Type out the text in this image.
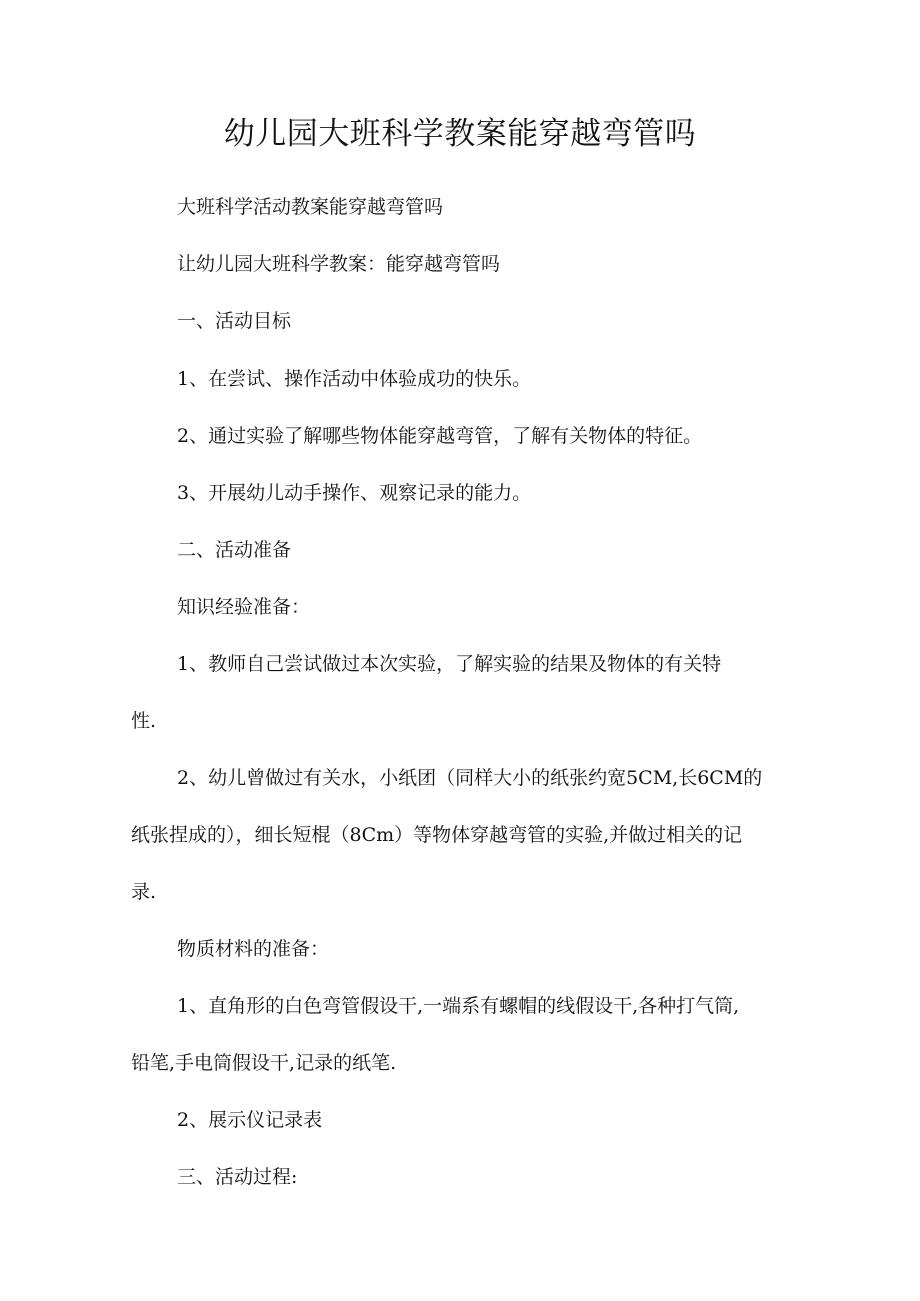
幼儿园大班科学教案能穿越弯管吗
大班科学活动教案能穿越弯管吗
让幼儿园大班科学教案：能穿越弯管吗
一、活动目标
1、在尝试、操作活动中体验成功的快乐。
2、通过实验了解哪些物体能穿越弯管，了解有关物体的特征。
3、开展幼儿动手操作、观察记录的能力。
二、活动准备
知识经验准备：
1、教师自己尝试做过本次实验，了解实验的结果及物体的有关特
性.
2、幼儿曾做过有关水，小纸团（同样大小的纸张约宽5CM,长6CM的
纸张捏成的），细长短棍（8Cm）等物体穿越弯管的实验,并做过相关的记
录.
物质材料的准备：
1、直角形的白色弯管假设干,一端系有螺帽的线假设干,各种打气筒,
铅笔,手电筒假设干,记录的纸笔.
2、展示仪记录表
三、活动过程:
